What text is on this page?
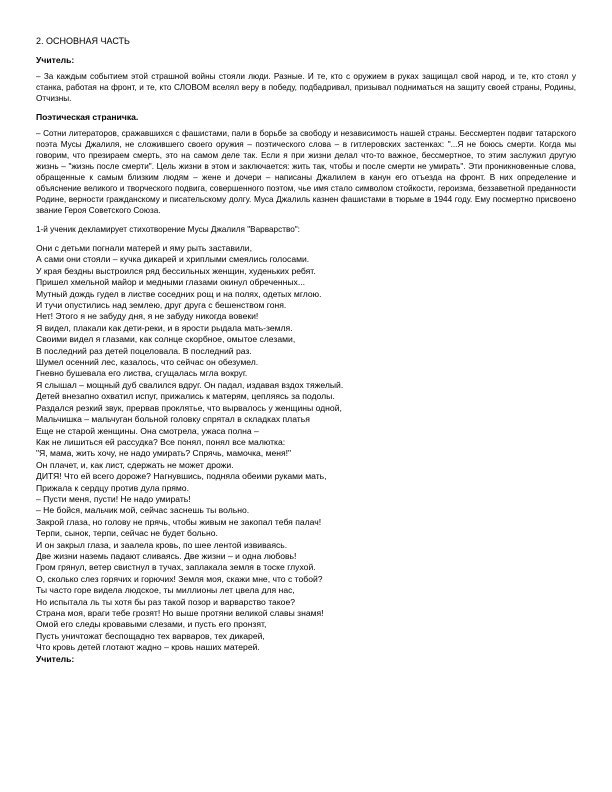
2. ОСНОВНАЯ ЧАСТЬ
Учитель:
– За каждым событием этой страшной войны стояли люди. Разные. И те, кто с оружием в руках защищал свой народ, и те, кто стоял у станка, работая на фронт, и те, кто СЛОВОМ вселял веру в победу, подбадривал, призывал подниматься на защиту своей страны, Родины, Отчизны.
Поэтическая страничка.
– Сотни литераторов, сражавшихся с фашистами, пали в борьбе за свободу и независимость нашей страны. Бессмертен подвиг татарского поэта Мусы Джалиля, не сложившего своего оружия – поэтического слова – в гитлеровских застенках: "...Я не боюсь смерти. Когда мы говорим, что презираем смерть, это на самом деле так. Если я при жизни делал что-то важное, бессмертное, то этим заслужил другую жизнь – "жизнь после смерти". Цель жизни в этом и заключается: жить так, чтобы и после смерти не умирать". Эти проникновенные слова, обращенные к самым близким людям – жене и дочери – написаны Джалилем в канун его отъезда на фронт. В них определение и объяснение великого и творческого подвига, совершенного поэтом, чье имя стало символом стойкости, героизма, беззаветной преданности Родине, верности гражданскому и писательскому долгу. Муса Джалиль казнен фашистами в тюрьме в 1944 году. Ему посмертно присвоено звание Героя Советского Союза.
1-й ученик декламирует стихотворение Мусы Джалиля "Варварство":
Они с детьми погнали матерей и яму рыть заставили,
А сами они стояли – кучка дикарей и хриплыми смеялись голосами.
У края бездны выстроился ряд бессильных женщин, худеньких ребят.
Пришел хмельной майор и медными глазами окинул обреченных...
Мутный дождь гудел в листве соседних рощ и на полях, одетых мглою.
И тучи опустились над землею, друг друга с бешенством гоня.
Нет! Этого я не забуду дня, я не забуду никогда вовеки!
Я видел, плакали как дети-реки, и в ярости рыдала мать-земля.
Своими видел я глазами, как солнце скорбное, омытое слезами,
В последний раз детей поцеловала. В последний раз.
Шумел осенний лес, казалось, что сейчас он обезумел.
Гневно бушевала его листва, сгущалась мгла вокруг.
Я слышал – мощный дуб свалился вдруг. Он падал, издавая вздох тяжелый.
Детей внезапно охватил испуг, прижались к матерям, цепляясь за подолы.
Раздался резкий звук, прервав проклятье, что вырвалось у женщины одной,
Мальчишка – мальчуган больной головку спрятал в складках платья
Еще не старой женщины. Она смотрела, ужаса полна –
Как не лишиться ей рассудка? Все понял, понял все малютка:
"Я, мама, жить хочу, не надо умирать? Спрячь, мамочка, меня!"
Он плачет, и, как лист, сдержать не может дрожи.
ДИТЯ! Что ей всего дороже? Нагнувшись, подняла обеими руками мать,
Прижала к сердцу против дула прямо.
– Пусти меня, пусти! Не надо умирать!
– Не бойся, мальчик мой, сейчас заснешь ты вольно.
Закрой глаза, но голову не прячь, чтобы живым не закопал тебя палач!
Терпи, сынок, терпи, сейчас не будет больно.
И он закрыл глаза, и заалела кровь, по шее лентой извиваясь.
Две жизни наземь падают сливаясь. Две жизни – и одна любовь!
Гром грянул, ветер свистнул в тучах, заплакала земля в тоске глухой.
О, сколько слез горячих и горючих! Земля моя, скажи мне, что с тобой?
Ты часто горе видела людское, ты миллионы лет цвела для нас,
Но испытала ль ты хотя бы раз такой позор и варварство такое?
Страна моя, враги тебе грозят! Но выше протяни великой славы знамя!
Омой его следы кровавыми слезами, и пусть его пронзят,
Пусть уничтожат беспощадно тех варваров, тех дикарей,
Что кровь детей глотают жадно – кровь наших матерей.
Учитель:
